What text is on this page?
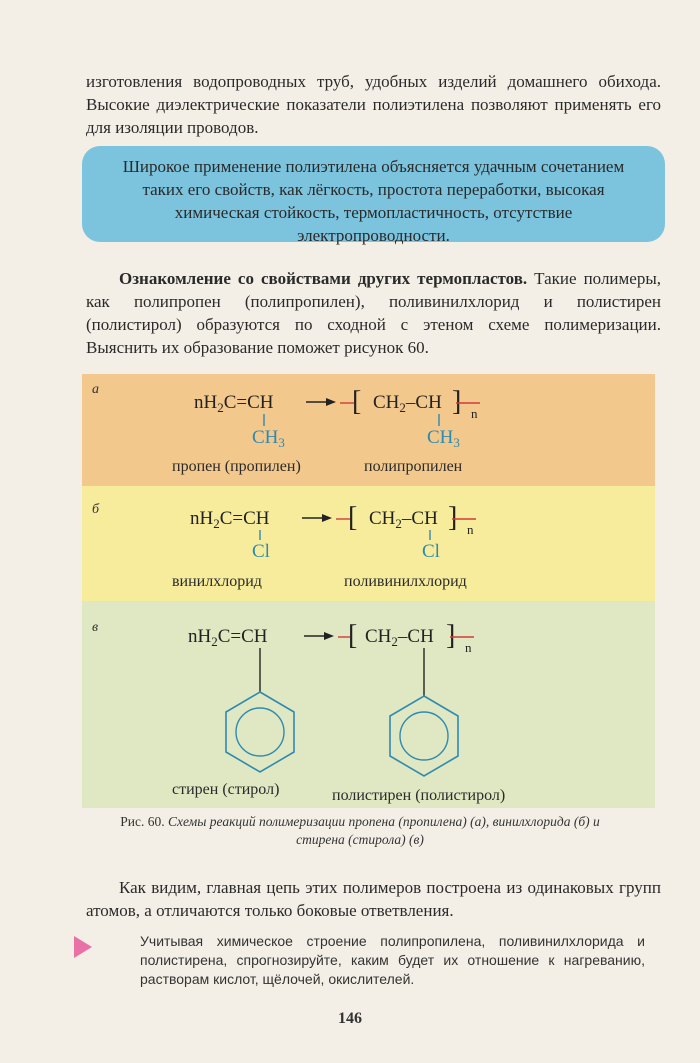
изготовления водопроводных труб, удобных изделий домашнего обихода. Высокие диэлектрические показатели полиэтилена позволяют применять его для изоляции проводов.

Широкое применение полиэтилена объясняется удачным сочетанием таких его свойств, как лёгкость, простота переработки, высокая химическая стойкость, термопластичность, отсутствие электропроводности.

Ознакомление со свойствами других термопластов. Такие полимеры, как полипропен (полипропилен), поливинилхлорид и полистирен (полистирол) образуются по сходной с этеном схеме полимеризации. Выяснить их образование поможет рисунок 60.

а
б
в
$nH_2C=CH$
$CH_3$
[ $CH_2-CH$ ] n
$CH_3$
пропен (пропилен)	полипропилен
$nH_2C=CH$
Cl
[ $CH_2-CH$ ] n
Cl
винилхлорид	поливинилхлорид
$nH_2C=CH$	[ $CH_2-CH$ ] n
стирен (стирол)	полистирен (полистирол)

Рис. 60. Схемы реакций полимеризации пропена (пропилена) (а), винилхлорида (б) и стирена (стирола) (в)

Как видим, главная цепь этих полимеров построена из одинаковых групп атомов, а отличаются только боковые ответвления.

Учитывая химическое строение полипропилена, поливинилхлорида и полистирена, спрогнозируйте, каким будет их отношение к нагреванию, растворам кислот, щёлочей, окислителей.

146
